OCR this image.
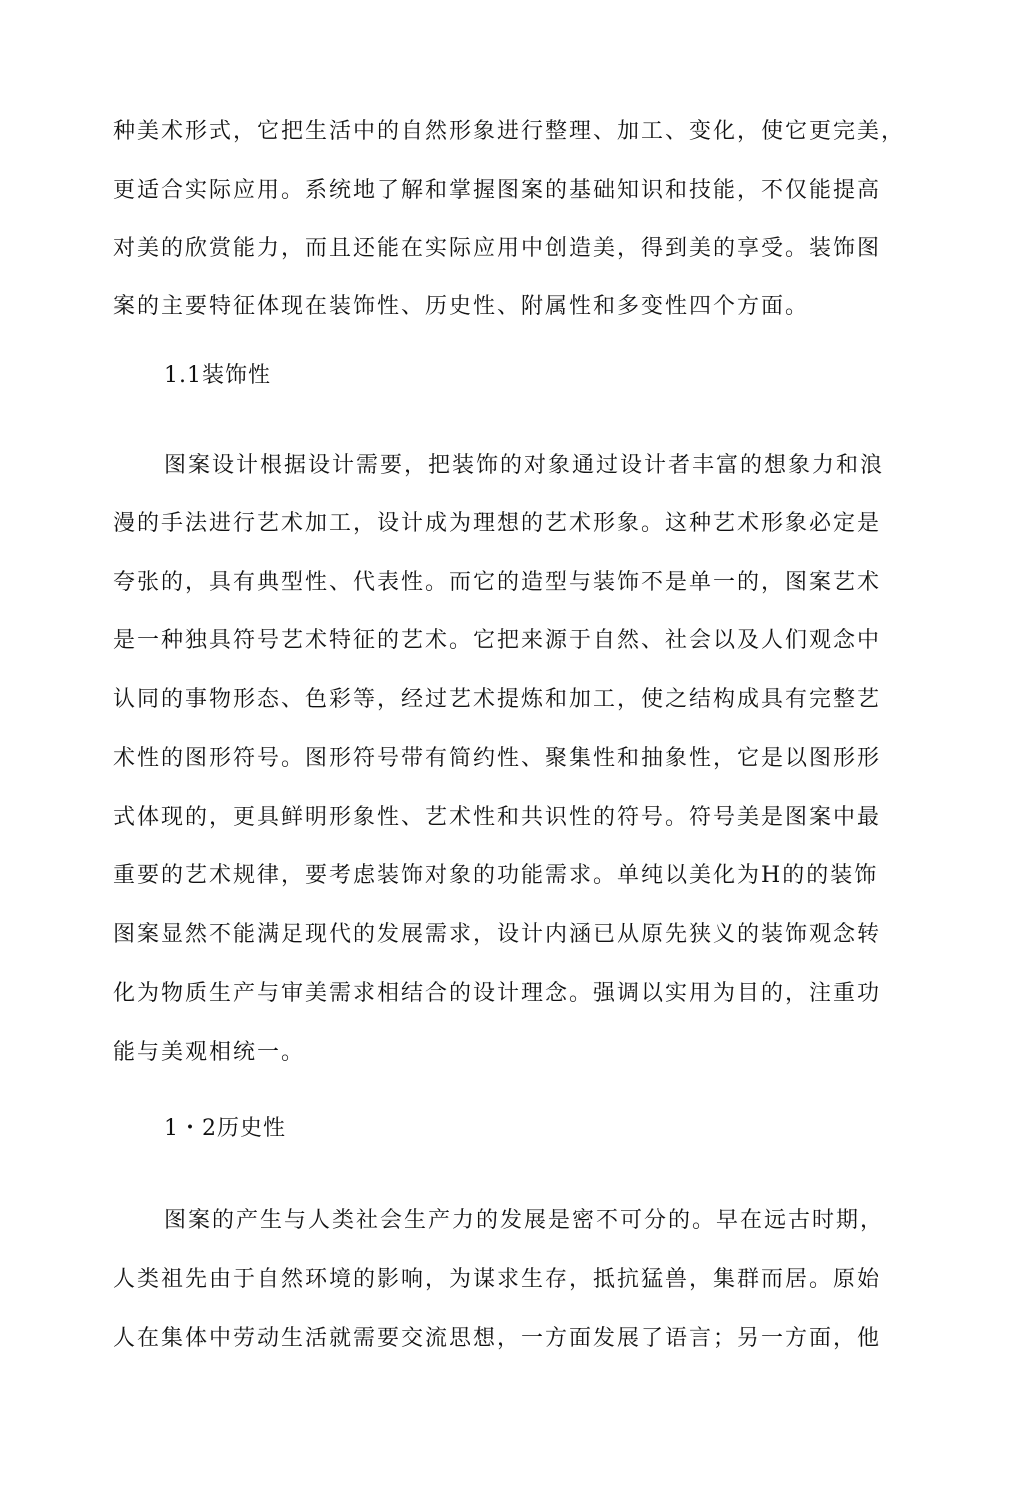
种美术形式，它把生活中的自然形象进行整理、加工、变化，使它更完美，
更适合实际应用。系统地了解和掌握图案的基础知识和技能，不仅能提高
对美的欣赏能力，而且还能在实际应用中创造美，得到美的享受。装饰图
案的主要特征体现在装饰性、历史性、附属性和多变性四个方面。
1.1装饰性
图案设计根据设计需要，把装饰的对象通过设计者丰富的想象力和浪
漫的手法进行艺术加工，设计成为理想的艺术形象。这种艺术形象必定是
夸张的，具有典型性、代表性。而它的造型与装饰不是单一的，图案艺术
是一种独具符号艺术特征的艺术。它把来源于自然、社会以及人们观念中
认同的事物形态、色彩等，经过艺术提炼和加工，使之结构成具有完整艺
术性的图形符号。图形符号带有简约性、聚集性和抽象性，它是以图形形
式体现的，更具鲜明形象性、艺术性和共识性的符号。符号美是图案中最
重要的艺术规律，要考虑装饰对象的功能需求。单纯以美化为H的的装饰
图案显然不能满足现代的发展需求，设计内涵已从原先狭义的装饰观念转
化为物质生产与审美需求相结合的设计理念。强调以实用为目的，注重功
能与美观相统一。
1・2历史性
图案的产生与人类社会生产力的发展是密不可分的。早在远古时期，
人类祖先由于自然环境的影响，为谋求生存，抵抗猛兽，集群而居。原始
人在集体中劳动生活就需要交流思想，一方面发展了语言；另一方面，他
